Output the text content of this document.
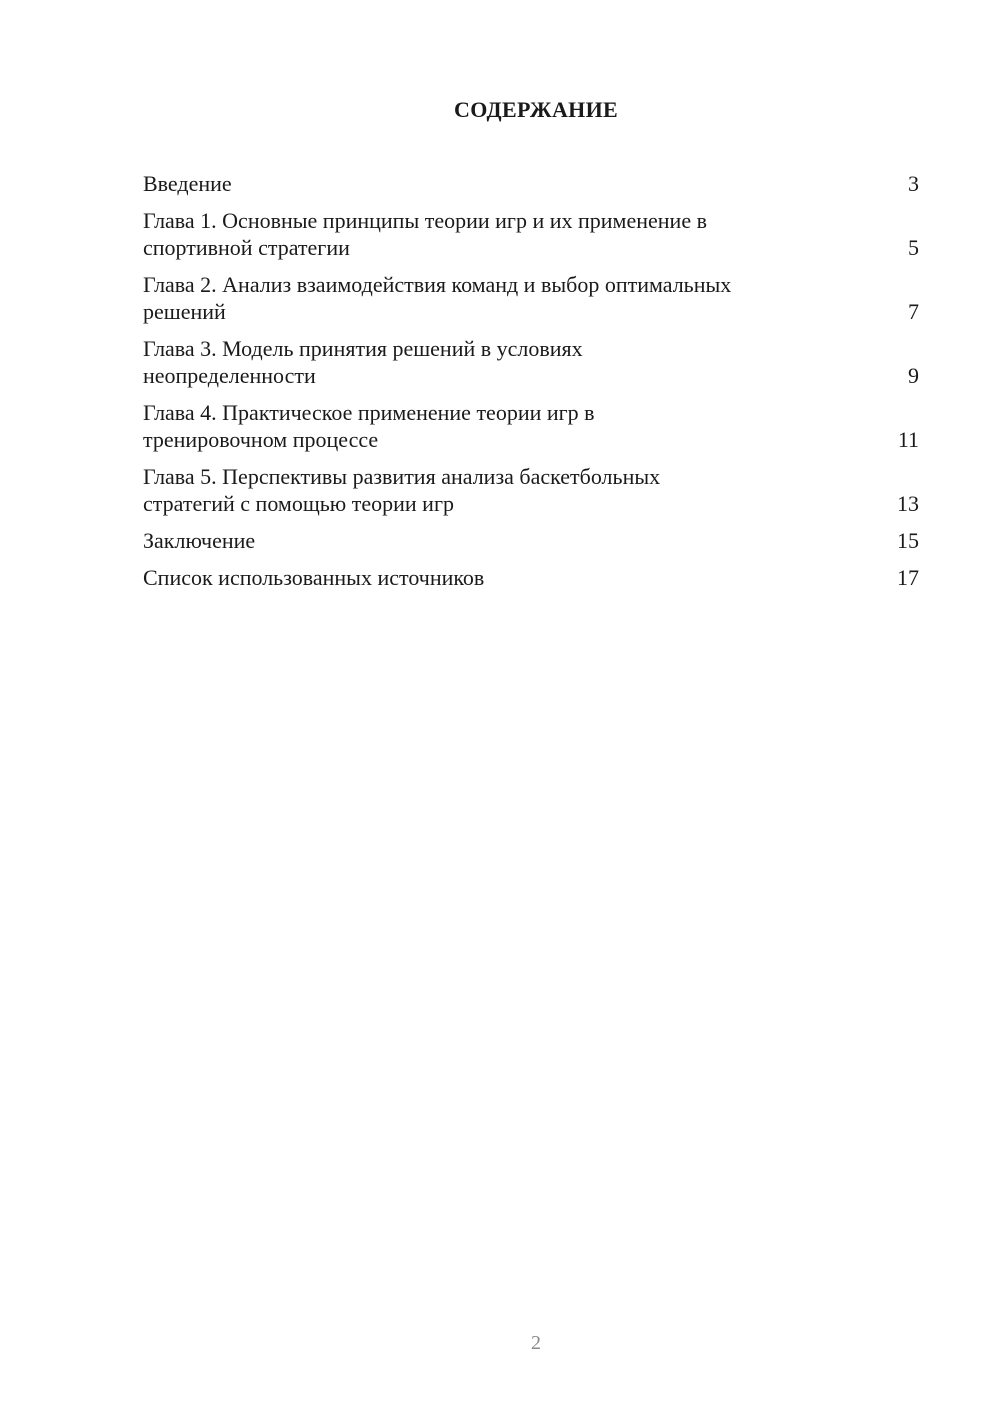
СОДЕРЖАНИЕ
Введение	3
Глава 1. Основные принципы теории игр и их применение в
спортивной стратегии	5
Глава 2. Анализ взаимодействия команд и выбор оптимальных
решений	7
Глава 3. Модель принятия решений в условиях
неопределенности	9
Глава 4. Практическое применение теории игр в
тренировочном процессе	11
Глава 5. Перспективы развития анализа баскетбольных
стратегий с помощью теории игр	13
Заключение	15
Список использованных источников	17
2
